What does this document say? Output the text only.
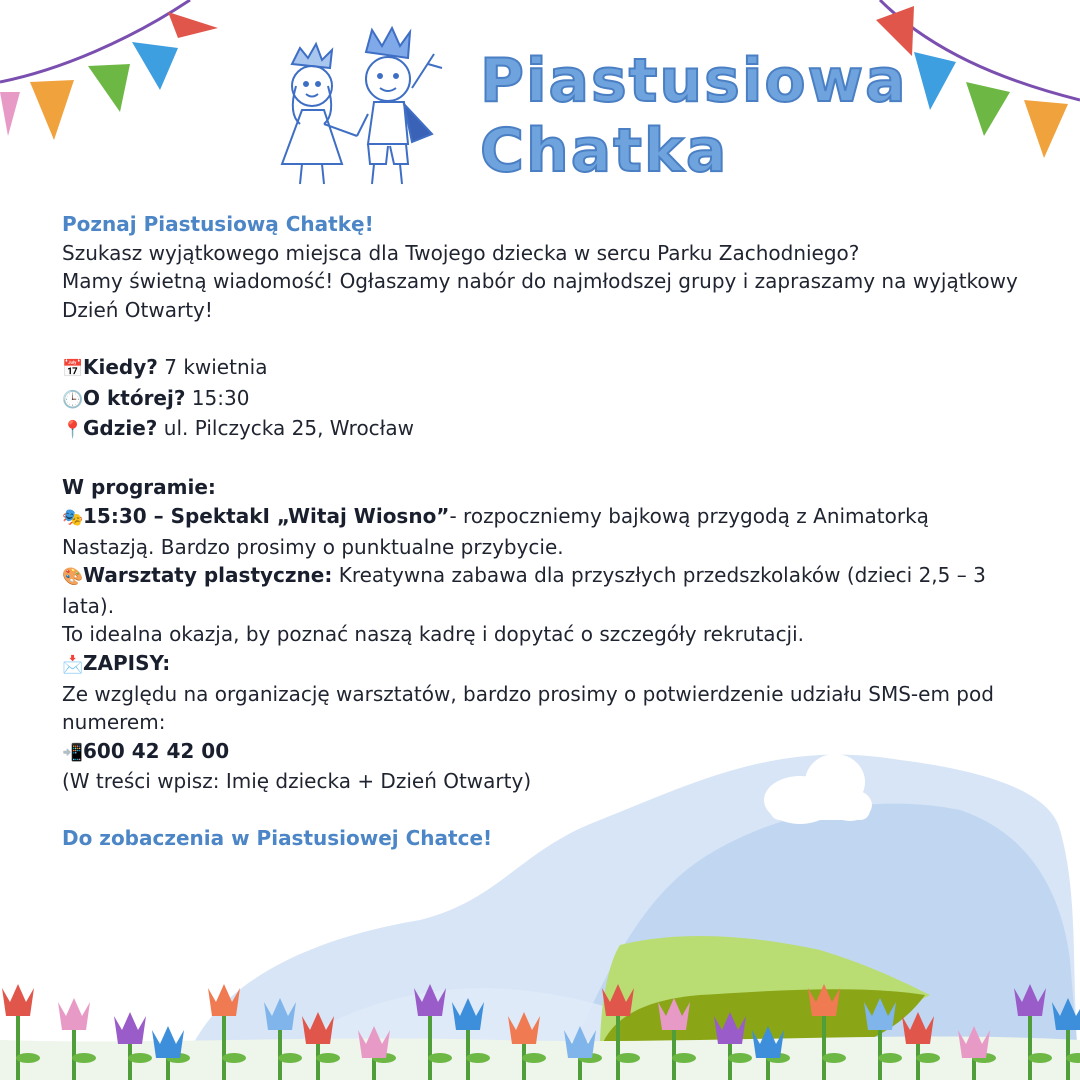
Piastusiowa
Chatka
Poznaj Piastusiową Chatkę!
Szukasz wyjątkowego miejsca dla Twojego dziecka w sercu Parku Zachodniego?
Mamy świetną wiadomość! Ogłaszamy nabór do najmłodszej grupy i zapraszamy na wyjątkowy Dzień Otwarty!
📅Kiedy? 7 kwietnia
🕒O której? 15:30
📍Gdzie? ul. Pilczycka 25, Wrocław
W programie:
🎭15:30 – SpektakI „Witaj Wiosno”- rozpoczniemy bajkową przygodą z Animatorką Nastazją. Bardzo prosimy o punktualne przybycie.
🎨Warsztaty plastyczne: Kreatywna zabawa dla przyszłych przedszkolaków (dzieci 2,5 – 3 lata).
To idealna okazja, by poznać naszą kadrę i dopytać o szczegóły rekrutacji.
📩ZAPISY:
Ze względu na organizację warsztatów, bardzo prosimy o potwierdzenie udziału SMS-em pod numerem:
📲600 42 42 00
(W treści wpisz: Imię dziecka + Dzień Otwarty)
Do zobaczenia w Piastusiowej Chatce!
